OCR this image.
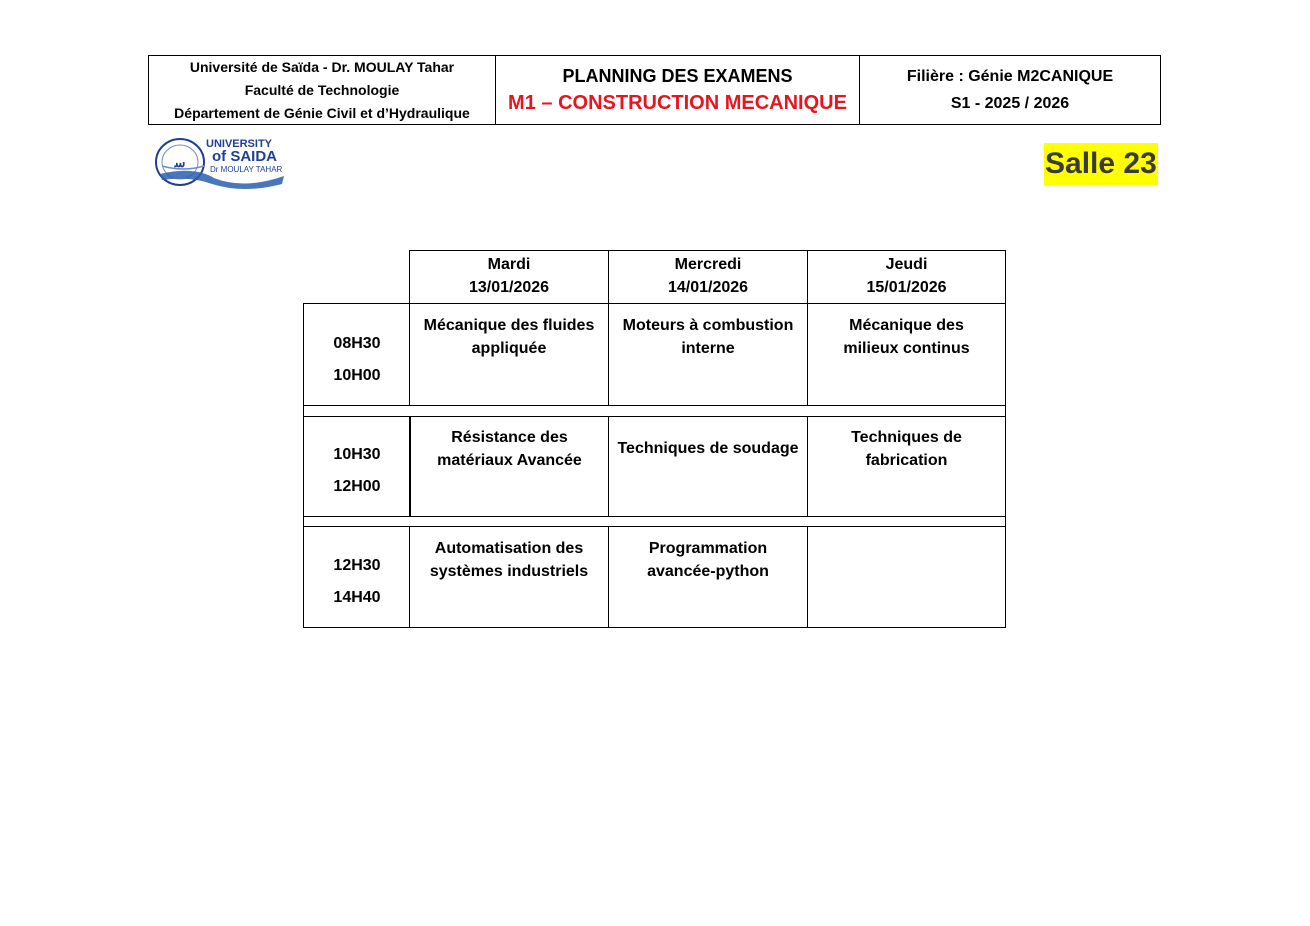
Université de Saïda - Dr. MOULAY Tahar
Faculté de Technologie
Département de Génie Civil et d’Hydraulique
PLANNING DES EXAMENS
M1 – CONSTRUCTION MECANIQUE
Filière : Génie M2CANIQUE
S1 - 2025 / 2026
ﺳ
UNIVERSITY
of SAIDA
Dr MOULAY TAHAR	Salle 23
Mardi
13/01/2026
Mercredi
14/01/2026
Jeudi
15/01/2026
08H30
10H00
Mécanique des fluides
appliquée
Moteurs à combustion
interne
Mécanique des
milieux continus
10H30
12H00
Résistance des
matériaux Avancée
Techniques de soudage
Techniques de
fabrication
12H30
14H40
Automatisation des
systèmes industriels
Programmation
avancée-python
